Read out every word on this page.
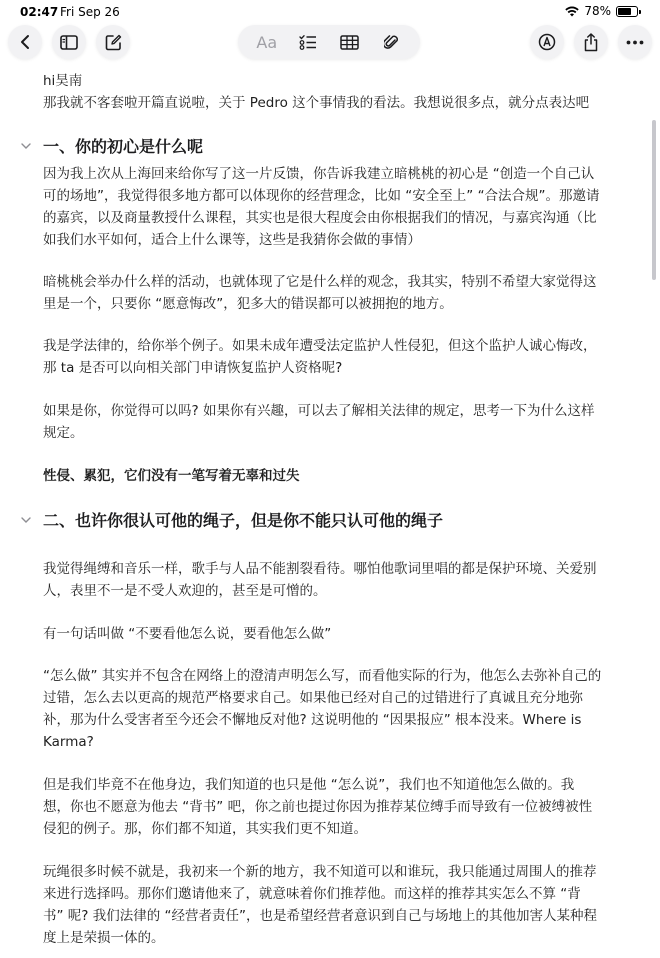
02:47 Fri Sep 26	78%
Aa
hi昊南
那我就不客套啦开篇直说啦，关于 Pedro 这个事情我的看法。我想说很多点，就分点表达吧
一、你的初心是什么呢
因为我上次从上海回来给你写了这一片反馈，你告诉我建立暗桃桃的初心是 “创造一个自己认
可的场地”，我觉得很多地方都可以体现你的经营理念，比如 “安全至上” “合法合规”。那邀请
的嘉宾，以及商量教授什么课程，其实也是很大程度会由你根据我们的情况，与嘉宾沟通（比
如我们水平如何，适合上什么课等，这些是我猜你会做的事情）
暗桃桃会举办什么样的活动，也就体现了它是什么样的观念，我其实，特别不希望大家觉得这
里是一个，只要你 “愿意悔改”，犯多大的错误都可以被拥抱的地方。
我是学法律的，给你举个例子。如果未成年遭受法定监护人性侵犯，但这个监护人诚心悔改，
那 ta 是否可以向相关部门申请恢复监护人资格呢?
如果是你，你觉得可以吗? 如果你有兴趣，可以去了解相关法律的规定，思考一下为什么这样
规定。
性侵、累犯，它们没有一笔写着无辜和过失
二、也许你很认可他的绳子，但是你不能只认可他的绳子
我觉得绳缚和音乐一样，歌手与人品不能割裂看待。哪怕他歌词里唱的都是保护环境、关爱别
人，表里不一是不受人欢迎的，甚至是可憎的。
有一句话叫做 “不要看他怎么说，要看他怎么做”
“怎么做” 其实并不包含在网络上的澄清声明怎么写，而看他实际的行为，他怎么去弥补自己的
过错，怎么去以更高的规范严格要求自己。如果他已经对自己的过错进行了真诚且充分地弥
补，那为什么受害者至今还会不懈地反对他? 这说明他的 “因果报应” 根本没来。Where is
Karma?
但是我们毕竟不在他身边，我们知道的也只是他 “怎么说”，我们也不知道他怎么做的。我
想，你也不愿意为他去 “背书” 吧，你之前也提过你因为推荐某位缚手而导致有一位被缚被性
侵犯的例子。那，你们都不知道，其实我们更不知道。
玩绳很多时候不就是，我初来一个新的地方，我不知道可以和谁玩，我只能通过周围人的推荐
来进行选择吗。那你们邀请他来了，就意味着你们推荐他。而这样的推荐其实怎么不算 “背
书” 呢? 我们法律的 “经营者责任”，也是希望经营者意识到自己与场地上的其他加害人某种程
度上是荣损一体的。
